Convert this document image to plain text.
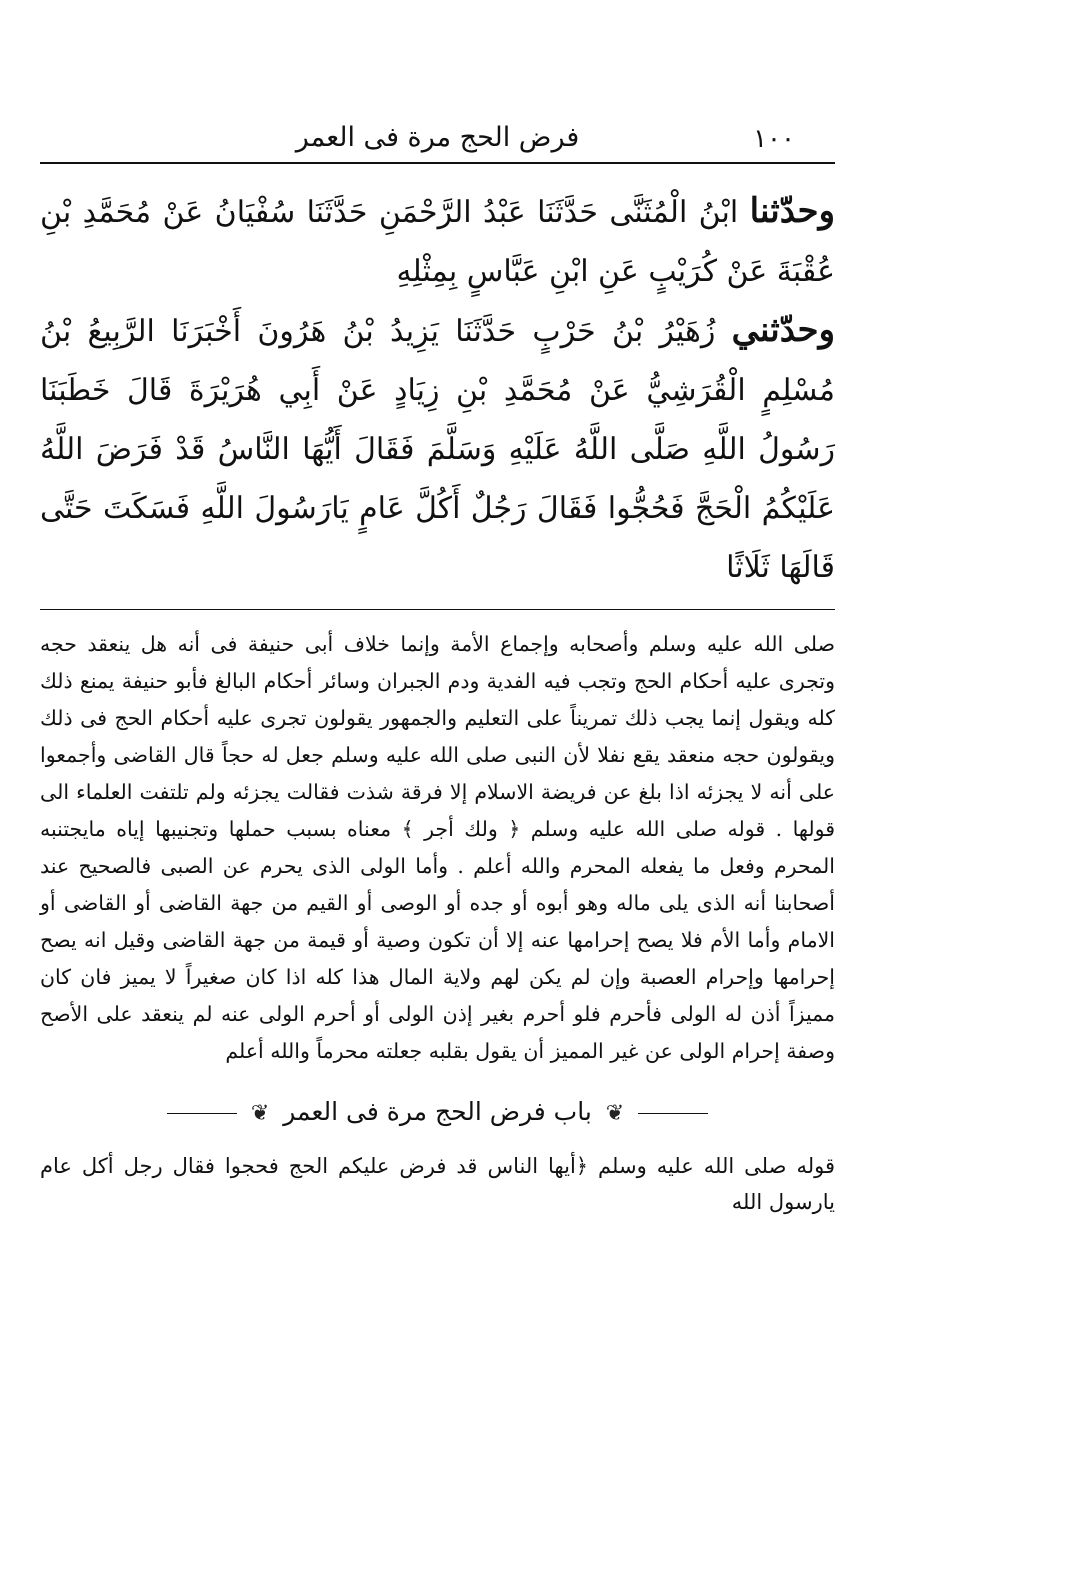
١٠٠
فرض الحج مرة فى العمر

وحدّثنا ابْنُ الْمُثَنَّى حَدَّثَنَا عَبْدُ الرَّحْمَنِ حَدَّثَنَا سُفْيَانُ عَنْ مُحَمَّدِ بْنِ عُقْبَةَ عَنْ كُرَيْبٍ عَنِ ابْنِ عَبَّاسٍ بِمِثْلِهِ

وحدّثني زُهَيْرُ بْنُ حَرْبٍ حَدَّثَنَا يَزِيدُ بْنُ هَرُونَ أَخْبَرَنَا الرَّبِيعُ بْنُ مُسْلِمٍ الْقُرَشِيُّ عَنْ مُحَمَّدِ بْنِ زِيَادٍ عَنْ أَبِي هُرَيْرَةَ قَالَ خَطَبَنَا رَسُولُ اللَّهِ صَلَّى اللَّهُ عَلَيْهِ وَسَلَّمَ فَقَالَ أَيُّهَا النَّاسُ قَدْ فَرَضَ اللَّهُ عَلَيْكُمُ الْحَجَّ فَحُجُّوا فَقَالَ رَجُلٌ أَكُلَّ عَامٍ يَارَسُولَ اللَّهِ فَسَكَتَ حَتَّى قَالَهَا ثَلَاثًا

صلى الله عليه وسلم وأصحابه وإجماع الأمة وإنما خلاف أبى حنيفة فى أنه هل ينعقد حجه وتجرى عليه أحكام الحج وتجب فيه الفدية ودم الجبران وسائر أحكام البالغ فأبو حنيفة يمنع ذلك كله ويقول إنما يجب ذلك تمريناً على التعليم والجمهور يقولون تجرى عليه أحكام الحج فى ذلك ويقولون حجه منعقد يقع نفلا لأن النبى صلى الله عليه وسلم جعل له حجاً قال القاضى وأجمعوا على أنه لا يجزئه اذا بلغ عن فريضة الاسلام إلا فرقة شذت فقالت يجزئه ولم تلتفت العلماء الى قولها . قوله صلى الله عليه وسلم ﴿ ولك أجر ﴾ معناه بسبب حملها وتجنيبها إياه مايجتنبه المحرم وفعل ما يفعله المحرم والله أعلم . وأما الولى الذى يحرم عن الصبى فالصحيح عند أصحابنا أنه الذى يلى ماله وهو أبوه أو جده أو الوصى أو القيم من جهة القاضى أو القاضى أو الامام وأما الأم فلا يصح إحرامها عنه إلا أن تكون وصية أو قيمة من جهة القاضى وقيل انه يصح إحرامها وإحرام العصبة وإن لم يكن لهم ولاية المال هذا كله اذا كان صغيراً لا يميز فان كان مميزاً أذن له الولى فأحرم فلو أحرم بغير إذن الولى أو أحرم الولى عنه لم ينعقد على الأصح وصفة إحرام الولى عن غير المميز أن يقول بقلبه جعلته محرماً والله أعلم

❦ باب فرض الحج مرة فى العمر ❦

قوله صلى الله عليه وسلم ﴿أيها الناس قد فرض عليكم الحج فحجوا فقال رجل أكل عام يارسول الله
